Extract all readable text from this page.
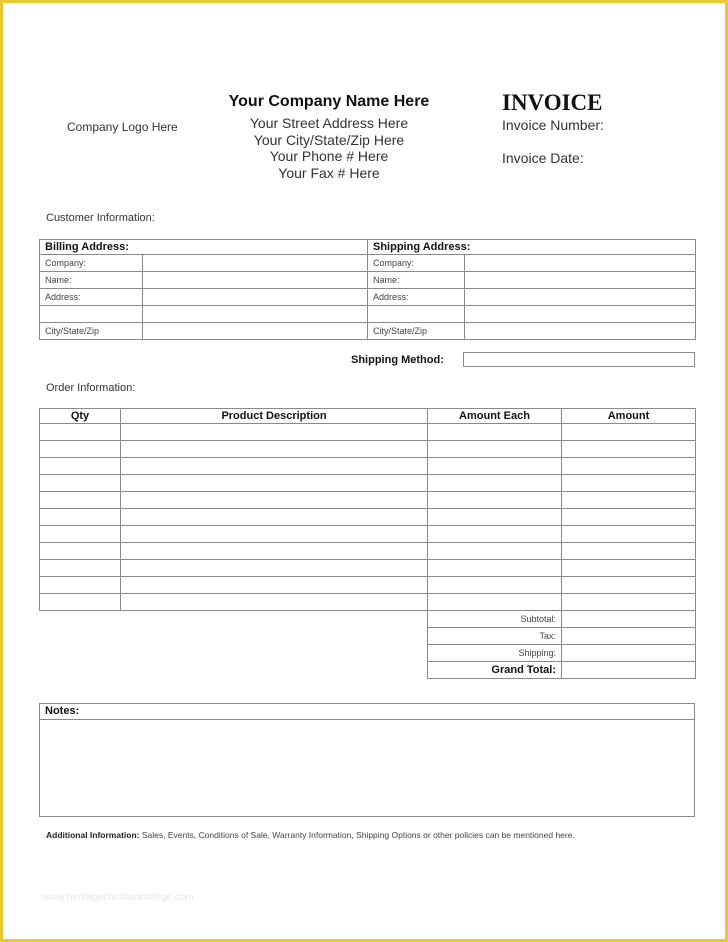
Company Logo Here
Your Company Name Here
Your Street Address Here
Your City/State/Zip Here
Your Phone # Here
Your Fax # Here
INVOICE
Invoice Number:
Invoice Date:
Customer Information:
Billing Address:		Shipping Address:	
Company:		Company:	
Name:		Name:	
Address:		Address:	

City/State/Zip		City/State/Zip	
Shipping Method:
Order Information:
Qty	Product Description	Amount Each	Amount

Subtotal:	
Tax:	
Shipping:	
Grand Total:	
Notes:
Additional Information: Sales, Events, Conditions of Sale, Warranty Information, Shipping Options or other policies can be mentioned here.
www.heritagechristiancollege.com
